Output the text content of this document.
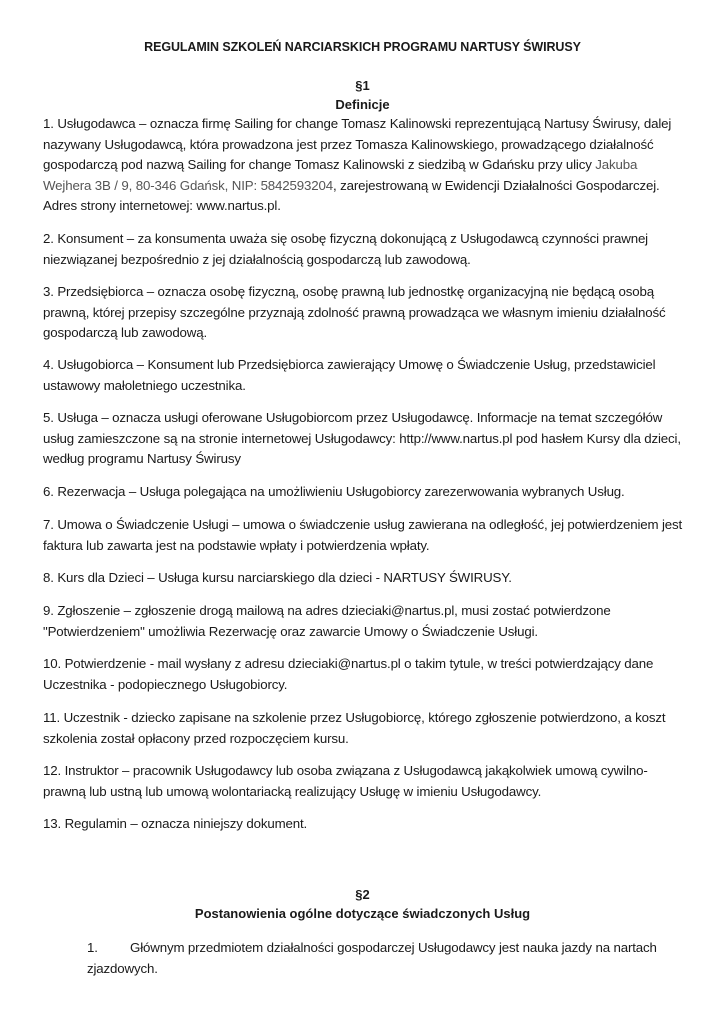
REGULAMIN SZKOLEŃ NARCIARSKICH PROGRAMU NARTUSY ŚWIRUSY
§1
Definicje
1. Usługodawca – oznacza firmę Sailing for change Tomasz Kalinowski reprezentującą Nartusy Świrusy, dalej nazywany Usługodawcą, która prowadzona jest przez Tomasza Kalinowskiego, prowadzącego działalność gospodarczą pod nazwą Sailing for change Tomasz Kalinowski z siedzibą w Gdańsku przy ulicy Jakuba Wejhera 3B / 9, 80-346 Gdańsk, NIP: 5842593204, zarejestrowaną w Ewidencji Działalności Gospodarczej. Adres strony internetowej: www.nartus.pl.
2. Konsument – za konsumenta uważa się osobę fizyczną dokonującą z Usługodawcą czynności prawnej niezwiązanej bezpośrednio z jej działalnością gospodarczą lub zawodową.
3. Przedsiębiorca – oznacza osobę fizyczną, osobę prawną lub jednostkę organizacyjną nie będącą osobą prawną, której przepisy szczególne przyznają zdolność prawną prowadząca we własnym imieniu działalność gospodarczą lub zawodową.
4. Usługobiorca – Konsument lub Przedsiębiorca zawierający Umowę o Świadczenie Usług, przedstawiciel ustawowy małoletniego uczestnika.
5. Usługa – oznacza usługi oferowane Usługobiorcom przez Usługodawcę. Informacje na temat szczegółów usług zamieszczone są na stronie internetowej Usługodawcy: http://www.nartus.pl pod hasłem Kursy dla dzieci, według programu Nartusy Świrusy
6. Rezerwacja – Usługa polegająca na umożliwieniu Usługobiorcy zarezerwowania wybranych Usług.
7. Umowa o Świadczenie Usługi – umowa o świadczenie usług zawierana na odległość, jej potwierdzeniem jest faktura lub zawarta jest na podstawie wpłaty i potwierdzenia wpłaty.
8. Kurs dla Dzieci – Usługa kursu narciarskiego dla dzieci - NARTUSY ŚWIRUSY.
9. Zgłoszenie – zgłoszenie drogą mailową na adres dzieciaki@nartus.pl, musi zostać potwierdzone "Potwierdzeniem" umożliwia Rezerwację oraz zawarcie Umowy o Świadczenie Usługi.
10. Potwierdzenie - mail wysłany z adresu dzieciaki@nartus.pl o takim tytule, w treści potwierdzający dane Uczestnika - podopiecznego Usługobiorcy.
11. Uczestnik - dziecko zapisane na szkolenie przez Usługobiorcę, którego zgłoszenie potwierdzono, a koszt szkolenia został opłacony przed rozpoczęciem kursu.
12. Instruktor – pracownik Usługodawcy lub osoba związana z Usługodawcą jakąkolwiek umową cywilno-prawną lub ustną lub umową wolontariacką realizujący Usługę w imieniu Usługodawcy.
13. Regulamin – oznacza niniejszy dokument.
§2
Postanowienia ogólne dotyczące świadczonych Usług
1. Głównym przedmiotem działalności gospodarczej Usługodawcy jest nauka jazdy na nartach zjazdowych.
